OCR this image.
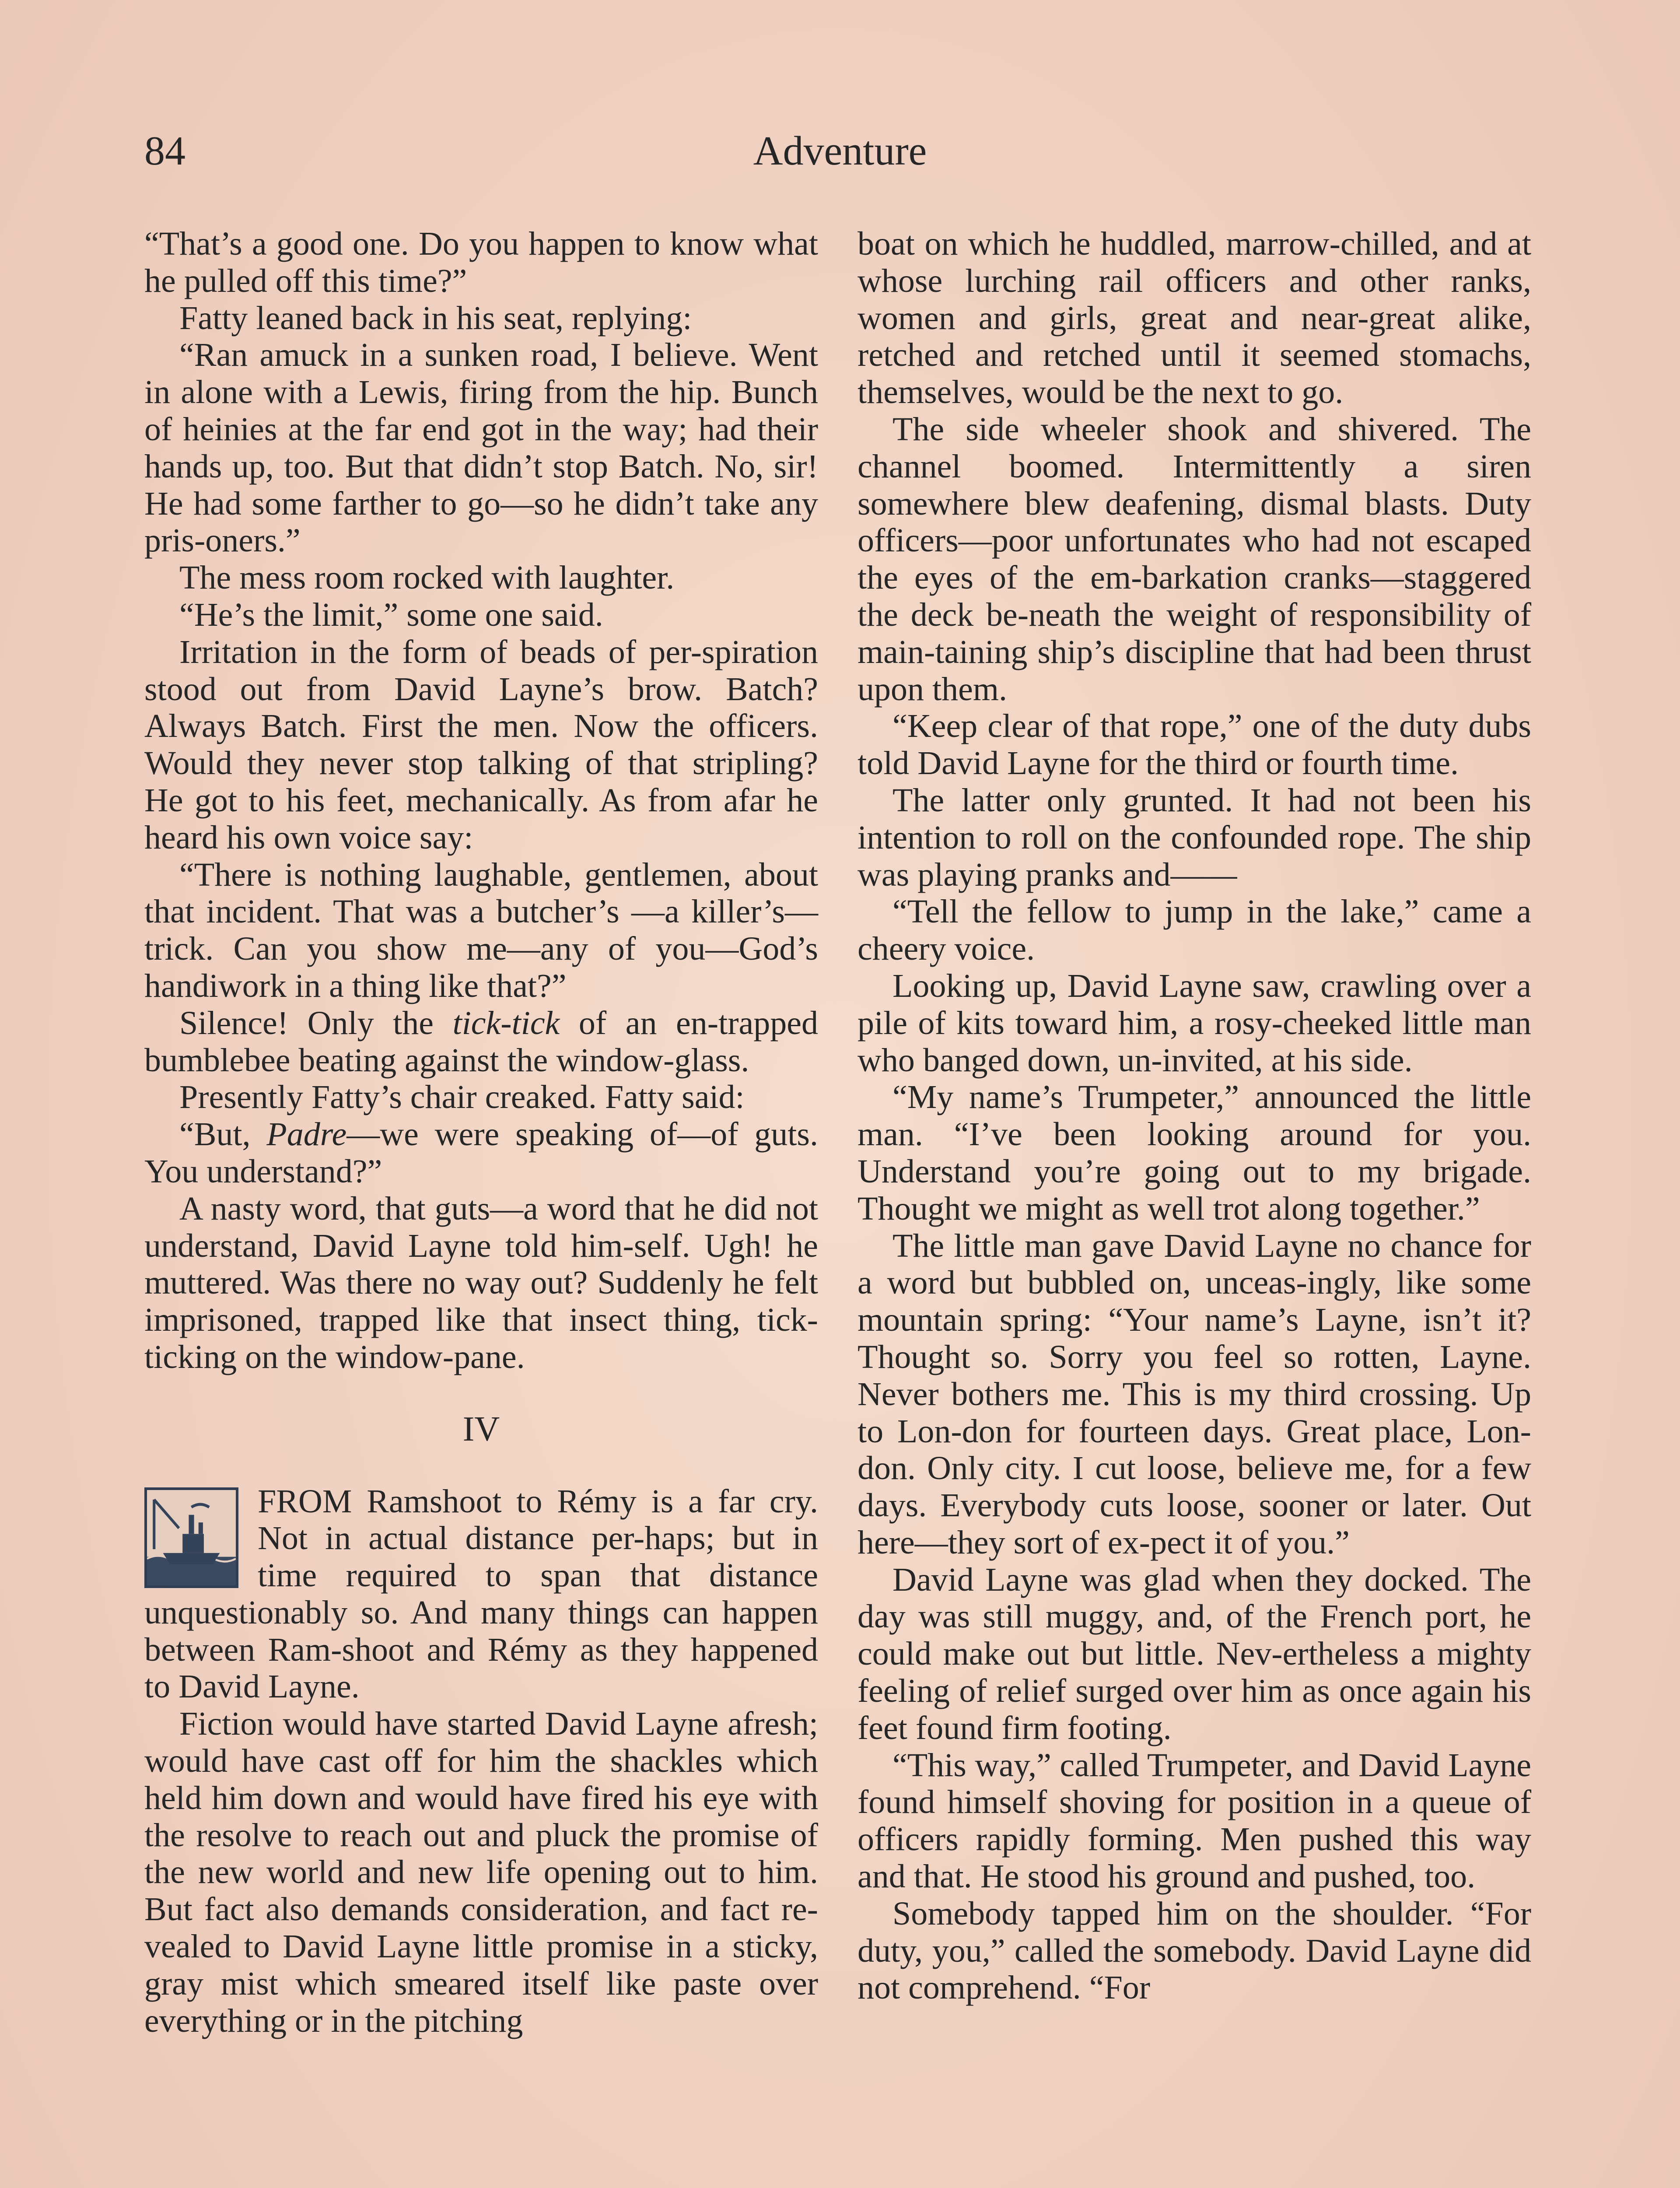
84	Adventure

“That’s a good one. Do you happen to know what he pulled off this time?”

Fatty leaned back in his seat, replying:

“Ran amuck in a sunken road, I believe. Went in alone with a Lewis, firing from the hip. Bunch of heinies at the far end got in the way; had their hands up, too. But that didn’t stop Batch. No, sir! He had some farther to go—so he didn’t take any pris-oners.”

The mess room rocked with laughter.

“He’s the limit,” some one said.

Irritation in the form of beads of per-spiration stood out from David Layne’s brow. Batch? Always Batch. First the men. Now the officers. Would they never stop talking of that stripling? He got to his feet, mechanically. As from afar he heard his own voice say:

“There is nothing laughable, gentlemen, about that incident. That was a butcher’s —a killer’s—trick. Can you show me—any of you—God’s handiwork in a thing like that?”

Silence! Only the tick-tick of an en-trapped bumblebee beating against the window-glass.

Presently Fatty’s chair creaked. Fatty said:

“But, Padre—we were speaking of—of guts. You understand?”

A nasty word, that guts—a word that he did not understand, David Layne told him-self. Ugh! he muttered. Was there no way out? Suddenly he felt imprisoned, trapped like that insect thing, tick-ticking on the window-pane.

IV

FROM Ramshoot to Rémy is a far cry. Not in actual distance per-haps; but in time required to span that distance unquestionably so. And many things can happen between Ram-shoot and Rémy as they happened to David Layne.

Fiction would have started David Layne afresh; would have cast off for him the shackles which held him down and would have fired his eye with the resolve to reach out and pluck the promise of the new world and new life opening out to him. But fact also demands consideration, and fact re-vealed to David Layne little promise in a sticky, gray mist which smeared itself like paste over everything or in the pitching

boat on which he huddled, marrow-chilled, and at whose lurching rail officers and other ranks, women and girls, great and near-great alike, retched and retched until it seemed stomachs, themselves, would be the next to go.

The side wheeler shook and shivered. The channel boomed. Intermittently a siren somewhere blew deafening, dismal blasts. Duty officers—poor unfortunates who had not escaped the eyes of the em-barkation cranks—staggered the deck be-neath the weight of responsibility of main-taining ship’s discipline that had been thrust upon them.

“Keep clear of that rope,” one of the duty dubs told David Layne for the third or fourth time.

The latter only grunted. It had not been his intention to roll on the confounded rope. The ship was playing pranks and——

“Tell the fellow to jump in the lake,” came a cheery voice.

Looking up, David Layne saw, crawling over a pile of kits toward him, a rosy-cheeked little man who banged down, un-invited, at his side.

“My name’s Trumpeter,” announced the little man. “I’ve been looking around for you. Understand you’re going out to my brigade. Thought we might as well trot along together.”

The little man gave David Layne no chance for a word but bubbled on, unceas-ingly, like some mountain spring: “Your name’s Layne, isn’t it? Thought so. Sorry you feel so rotten, Layne. Never bothers me. This is my third crossing. Up to Lon-don for fourteen days. Great place, Lon-don. Only city. I cut loose, believe me, for a few days. Everybody cuts loose, sooner or later. Out here—they sort of ex-pect it of you.”

David Layne was glad when they docked. The day was still muggy, and, of the French port, he could make out but little. Nev-ertheless a mighty feeling of relief surged over him as once again his feet found firm footing.

“This way,” called Trumpeter, and David Layne found himself shoving for position in a queue of officers rapidly forming. Men pushed this way and that. He stood his ground and pushed, too.

Somebody tapped him on the shoulder. “For duty, you,” called the somebody. David Layne did not comprehend. “For
